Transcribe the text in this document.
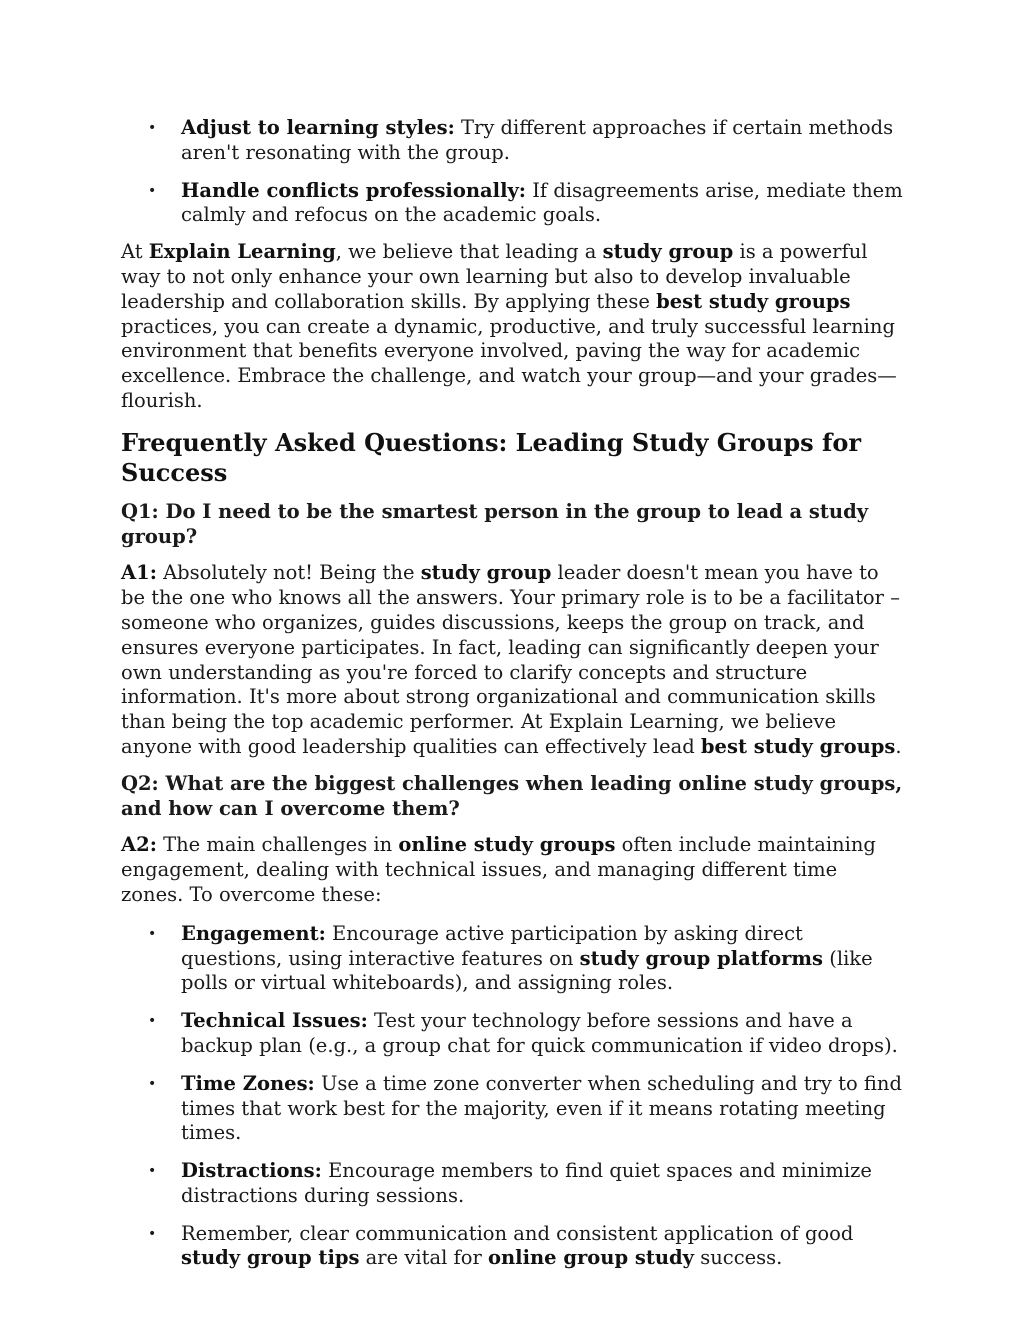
• Adjust to learning styles: Try different approaches if certain methods aren't resonating with the group.
• Handle conflicts professionally: If disagreements arise, mediate them calmly and refocus on the academic goals.

At Explain Learning, we believe that leading a study group is a powerful way to not only enhance your own learning but also to develop invaluable leadership and collaboration skills. By applying these best study groups practices, you can create a dynamic, productive, and truly successful learning environment that benefits everyone involved, paving the way for academic excellence. Embrace the challenge, and watch your group—and your grades—flourish.

Frequently Asked Questions: Leading Study Groups for Success

Q1: Do I need to be the smartest person in the group to lead a study group?

A1: Absolutely not! Being the study group leader doesn't mean you have to be the one who knows all the answers. Your primary role is to be a facilitator – someone who organizes, guides discussions, keeps the group on track, and ensures everyone participates. In fact, leading can significantly deepen your own understanding as you're forced to clarify concepts and structure information. It's more about strong organizational and communication skills than being the top academic performer. At Explain Learning, we believe anyone with good leadership qualities can effectively lead best study groups.

Q2: What are the biggest challenges when leading online study groups, and how can I overcome them?

A2: The main challenges in online study groups often include maintaining engagement, dealing with technical issues, and managing different time zones. To overcome these:

• Engagement: Encourage active participation by asking direct questions, using interactive features on study group platforms (like polls or virtual whiteboards), and assigning roles.
• Technical Issues: Test your technology before sessions and have a backup plan (e.g., a group chat for quick communication if video drops).
• Time Zones: Use a time zone converter when scheduling and try to find times that work best for the majority, even if it means rotating meeting times.
• Distractions: Encourage members to find quiet spaces and minimize distractions during sessions.
• Remember, clear communication and consistent application of good study group tips are vital for online group study success.
